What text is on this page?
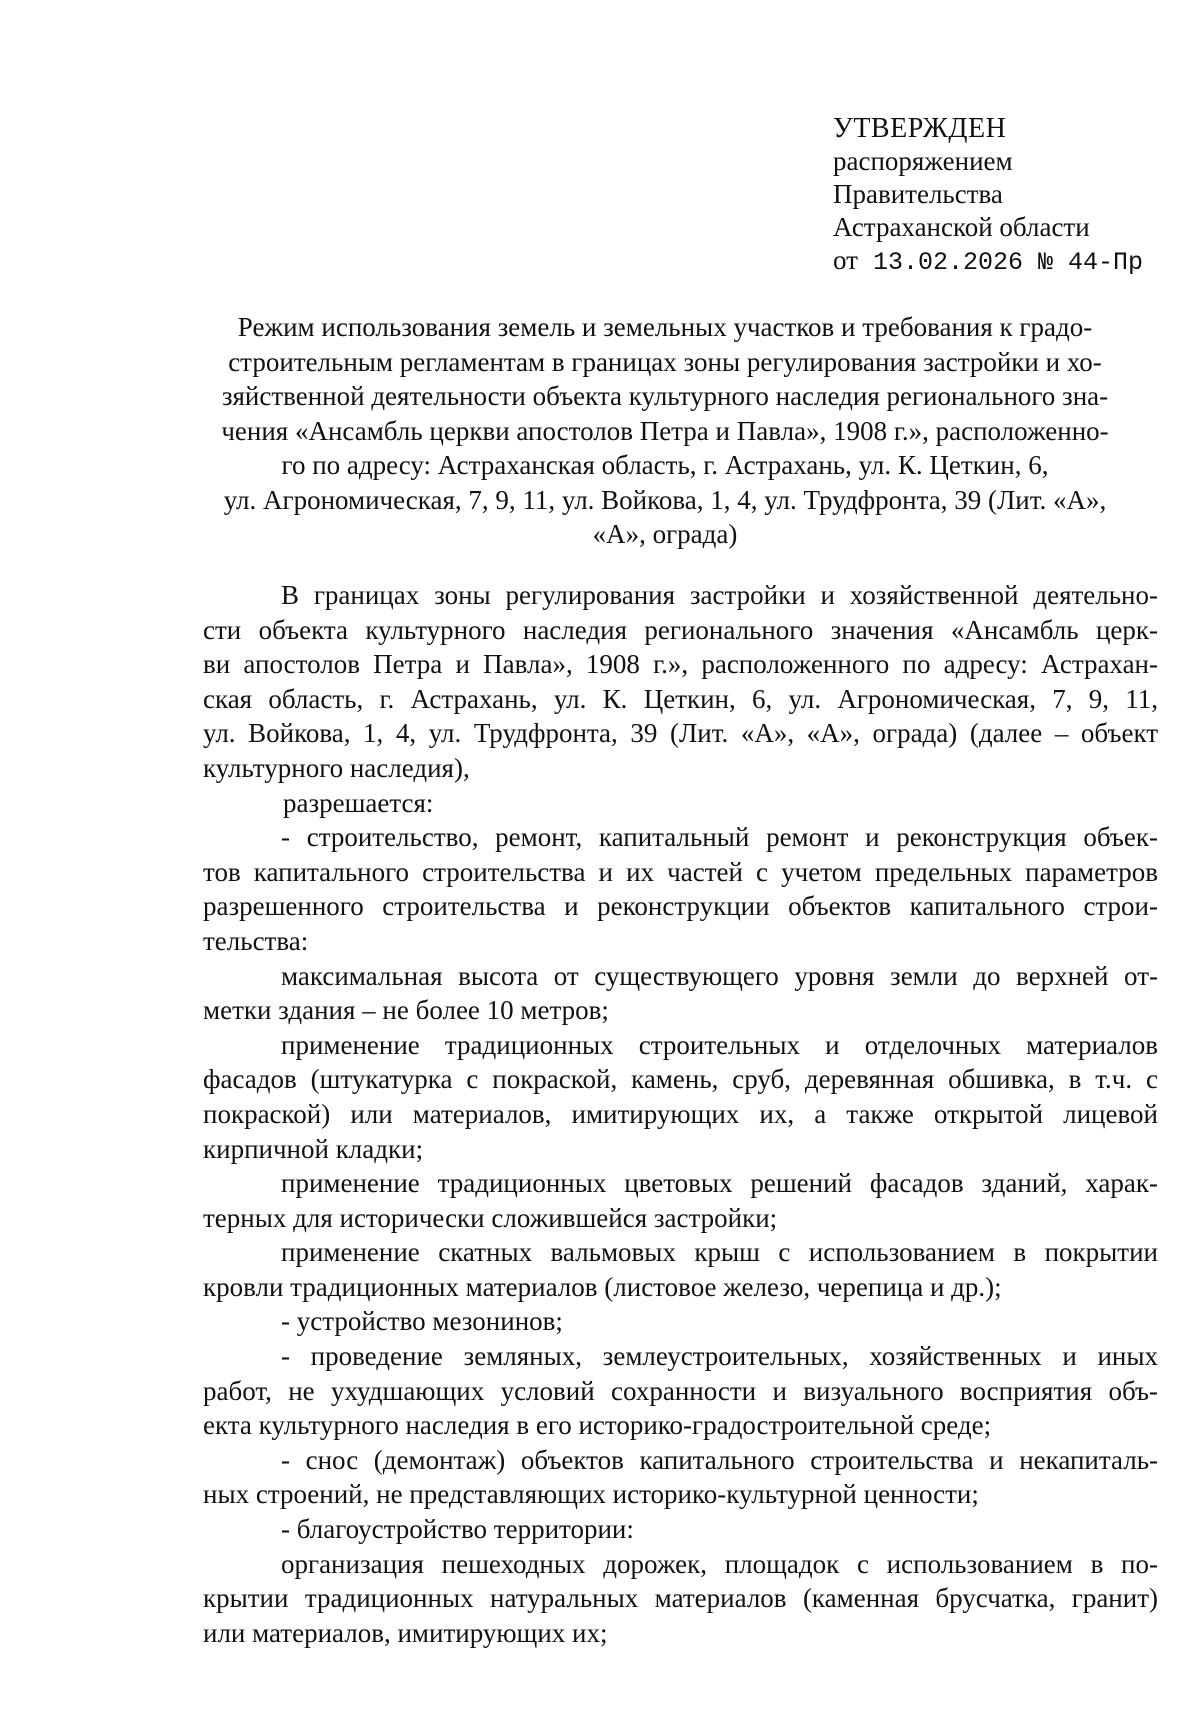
УТВЕРЖДЕН
распоряжением
Правительства
Астраханской области
от 13.02.2026 № 44-Пр
Режим использования земель и земельных участков и требования к градо-
строительным регламентам в границах зоны регулирования застройки и хо-
зяйственной деятельности объекта культурного наследия регионального зна-
чения «Ансамбль церкви апостолов Петра и Павла», 1908 г.», расположенно-
го по адресу: Астраханская область, г. Астрахань, ул. К. Цеткин, 6,
ул. Агрономическая, 7, 9, 11, ул. Войкова, 1, 4, ул. Трудфронта, 39 (Лит. «А»,
«А», ограда)
В границах зоны регулирования застройки и хозяйственной деятельно-
сти объекта культурного наследия регионального значения «Ансамбль церк-
ви апостолов Петра и Павла», 1908 г.», расположенного по адресу: Астрахан-
ская область, г. Астрахань, ул. К. Цеткин, 6, ул. Агрономическая, 7, 9, 11,
ул. Войкова, 1, 4, ул. Трудфронта, 39 (Лит. «А», «А», ограда) (далее – объект
культурного наследия),
разрешается:
- строительство, ремонт, капитальный ремонт и реконструкция объек-
тов капитального строительства и их частей с учетом предельных параметров
разрешенного строительства и реконструкции объектов капитального строи-
тельства:
максимальная высота от существующего уровня земли до верхней от-
метки здания – не более 10 метров;
применение традиционных строительных и отделочных материалов
фасадов (штукатурка с покраской, камень, сруб, деревянная обшивка, в т.ч. с
покраской) или материалов, имитирующих их, а также открытой лицевой
кирпичной кладки;
применение традиционных цветовых решений фасадов зданий, харак-
терных для исторически сложившейся застройки;
применение скатных вальмовых крыш с использованием в покрытии
кровли традиционных материалов (листовое железо, черепица и др.);
- устройство мезонинов;
- проведение земляных, землеустроительных, хозяйственных и иных
работ, не ухудшающих условий сохранности и визуального восприятия объ-
екта культурного наследия в его историко-градостроительной среде;
- снос (демонтаж) объектов капитального строительства и некапиталь-
ных строений, не представляющих историко-культурной ценности;
- благоустройство территории:
организация пешеходных дорожек, площадок с использованием в по-
крытии традиционных натуральных материалов (каменная брусчатка, гранит)
или материалов, имитирующих их;
